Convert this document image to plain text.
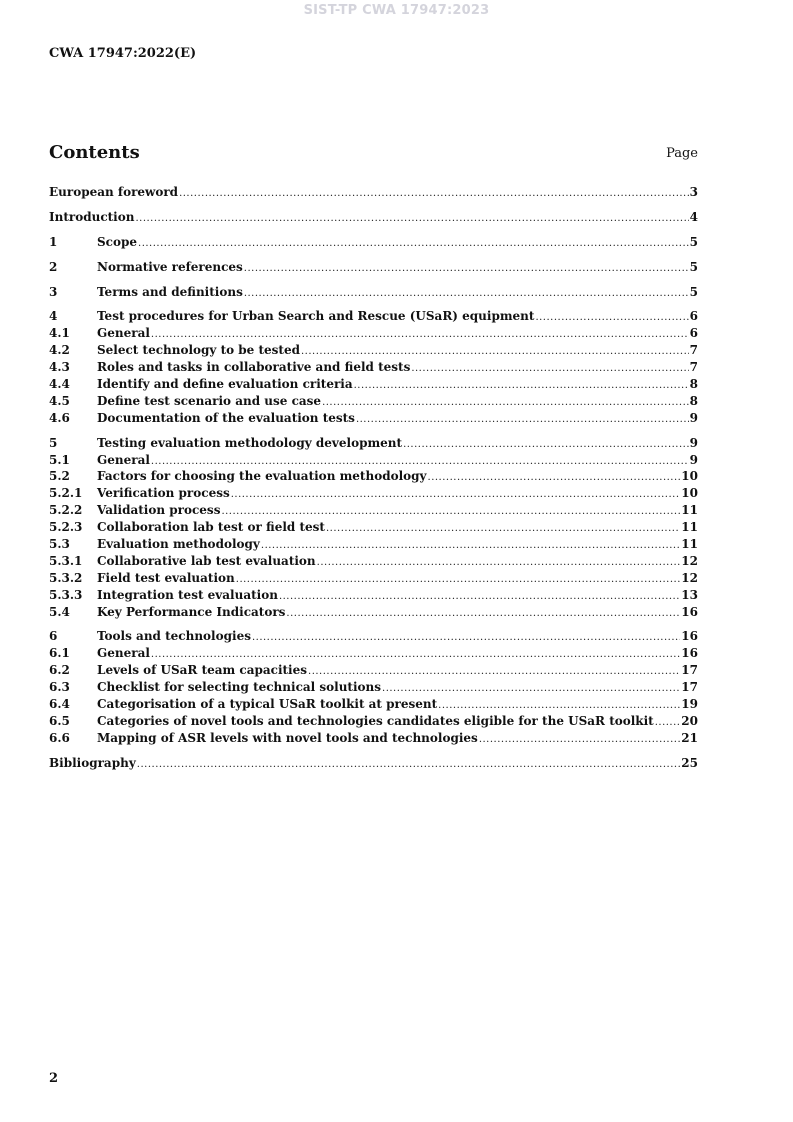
SIST-TP CWA 17947:2023
CWA 17947:2022(E)
Contents	Page
European foreword .....	3
Introduction .....	4
1	Scope .....	5
2	Normative references .....	5
3	Terms and definitions .....	5
4	Test procedures for Urban Search and Rescue (USaR) equipment .....	6
4.1	General .....	6
4.2	Select technology to be tested .....	7
4.3	Roles and tasks in collaborative and field tests .....	7
4.4	Identify and define evaluation criteria .....	8
4.5	Define test scenario and use case .....	8
4.6	Documentation of the evaluation tests .....	9
5	Testing evaluation methodology development .....	9
5.1	General .....	9
5.2	Factors for choosing the evaluation methodology .....	10
5.2.1	Verification process .....	10
5.2.2	Validation process .....	11
5.2.3	Collaboration lab test or field test .....	11
5.3	Evaluation methodology .....	11
5.3.1	Collaborative lab test evaluation .....	12
5.3.2	Field test evaluation .....	12
5.3.3	Integration test evaluation .....	13
5.4	Key Performance Indicators .....	16
6	Tools and technologies .....	16
6.1	General .....	16
6.2	Levels of USaR team capacities .....	17
6.3	Checklist for selecting technical solutions .....	17
6.4	Categorisation of a typical USaR toolkit at present .....	19
6.5	Categories of novel tools and technologies candidates eligible for the USaR toolkit ..... 20
6.6	Mapping of ASR levels with novel tools and technologies .....	21
Bibliography .....	25
2
